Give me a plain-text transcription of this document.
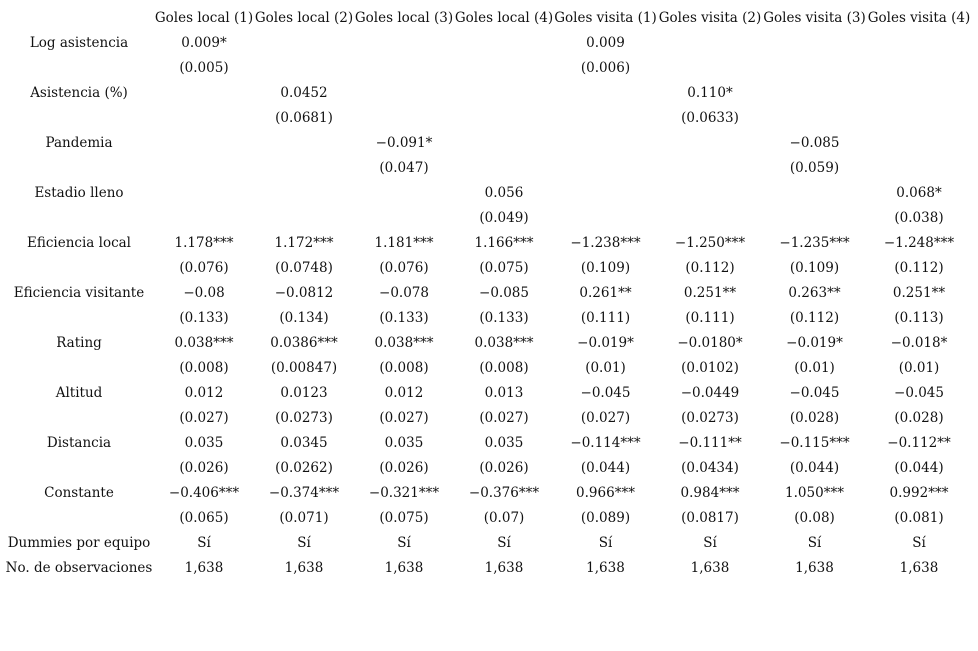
	Goles local (1)	Goles local (2)	Goles local (3)	Goles local (4)	Goles visita (1)	Goles visita (2)	Goles visita (3)	Goles visita (4)
Log asistencia	0.009*				0.009			
	(0.005)				(0.006)			
Asistencia (%)		0.0452				0.110*		
		(0.0681)				(0.0633)		
Pandemia			−0.091*				−0.085	
			(0.047)				(0.059)	
Estadio lleno				0.056				0.068*
				(0.049)				(0.038)
Eficiencia local	1.178***	1.172***	1.181***	1.166***	−1.238***	−1.250***	−1.235***	−1.248***
	(0.076)	(0.0748)	(0.076)	(0.075)	(0.109)	(0.112)	(0.109)	(0.112)
Eficiencia visitante	−0.08	−0.0812	−0.078	−0.085	0.261**	0.251**	0.263**	0.251**
	(0.133)	(0.134)	(0.133)	(0.133)	(0.111)	(0.111)	(0.112)	(0.113)
Rating	0.038***	0.0386***	0.038***	0.038***	−0.019*	−0.0180*	−0.019*	−0.018*
	(0.008)	(0.00847)	(0.008)	(0.008)	(0.01)	(0.0102)	(0.01)	(0.01)
Altitud	0.012	0.0123	0.012	0.013	−0.045	−0.0449	−0.045	−0.045
	(0.027)	(0.0273)	(0.027)	(0.027)	(0.027)	(0.0273)	(0.028)	(0.028)
Distancia	0.035	0.0345	0.035	0.035	−0.114***	−0.111**	−0.115***	−0.112**
	(0.026)	(0.0262)	(0.026)	(0.026)	(0.044)	(0.0434)	(0.044)	(0.044)
Constante	−0.406***	−0.374***	−0.321***	−0.376***	0.966***	0.984***	1.050***	0.992***
	(0.065)	(0.071)	(0.075)	(0.07)	(0.089)	(0.0817)	(0.08)	(0.081)
Dummies por equipo	Sí	Sí	Sí	Sí	Sí	Sí	Sí	Sí
No. de observaciones	1,638	1,638	1,638	1,638	1,638	1,638	1,638	1,638
